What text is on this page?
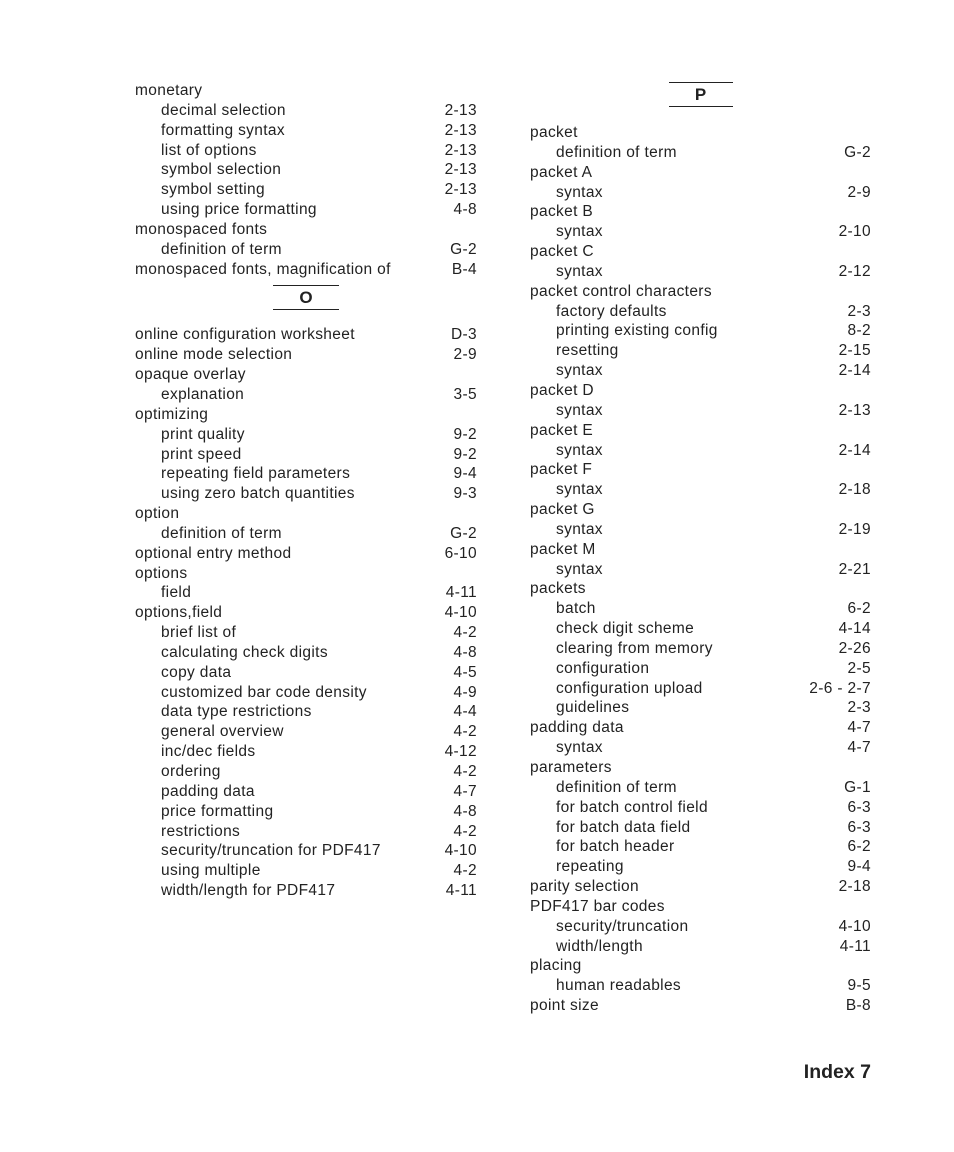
monetary
decimal selection	2-13
formatting syntax	2-13
list of options	2-13
symbol selection	2-13
symbol setting	2-13
using price formatting	4-8
monospaced fonts
definition of term	G-2
monospaced fonts, magnification of	B-4
O
online configuration worksheet	D-3
online mode selection	2-9
opaque overlay
explanation	3-5
optimizing
print quality	9-2
print speed	9-2
repeating field parameters	9-4
using zero batch quantities	9-3
option
definition of term	G-2
optional entry method	6-10
options
field	4-11
options,field	4-10
brief list of	4-2
calculating check digits	4-8
copy data	4-5
customized bar code density	4-9
data type restrictions	4-4
general overview	4-2
inc/dec fields	4-12
ordering	4-2
padding data	4-7
price formatting	4-8
restrictions	4-2
security/truncation for PDF417	4-10
using multiple	4-2
width/length for PDF417	4-11
P
packet
definition of term	G-2
packet A
syntax	2-9
packet B
syntax	2-10
packet C
syntax	2-12
packet control characters
factory defaults	2-3
printing existing config	8-2
resetting	2-15
syntax	2-14
packet D
syntax	2-13
packet E
syntax	2-14
packet F
syntax	2-18
packet G
syntax	2-19
packet M
syntax	2-21
packets
batch	6-2
check digit scheme	4-14
clearing from memory	2-26
configuration	2-5
configuration upload	2-6 - 2-7
guidelines	2-3
padding data	4-7
syntax	4-7
parameters
definition of term	G-1
for batch control field	6-3
for batch data field	6-3
for batch header	6-2
repeating	9-4
parity selection	2-18
PDF417 bar codes
security/truncation	4-10
width/length	4-11
placing
human readables	9-5
point size	B-8
Index 7
